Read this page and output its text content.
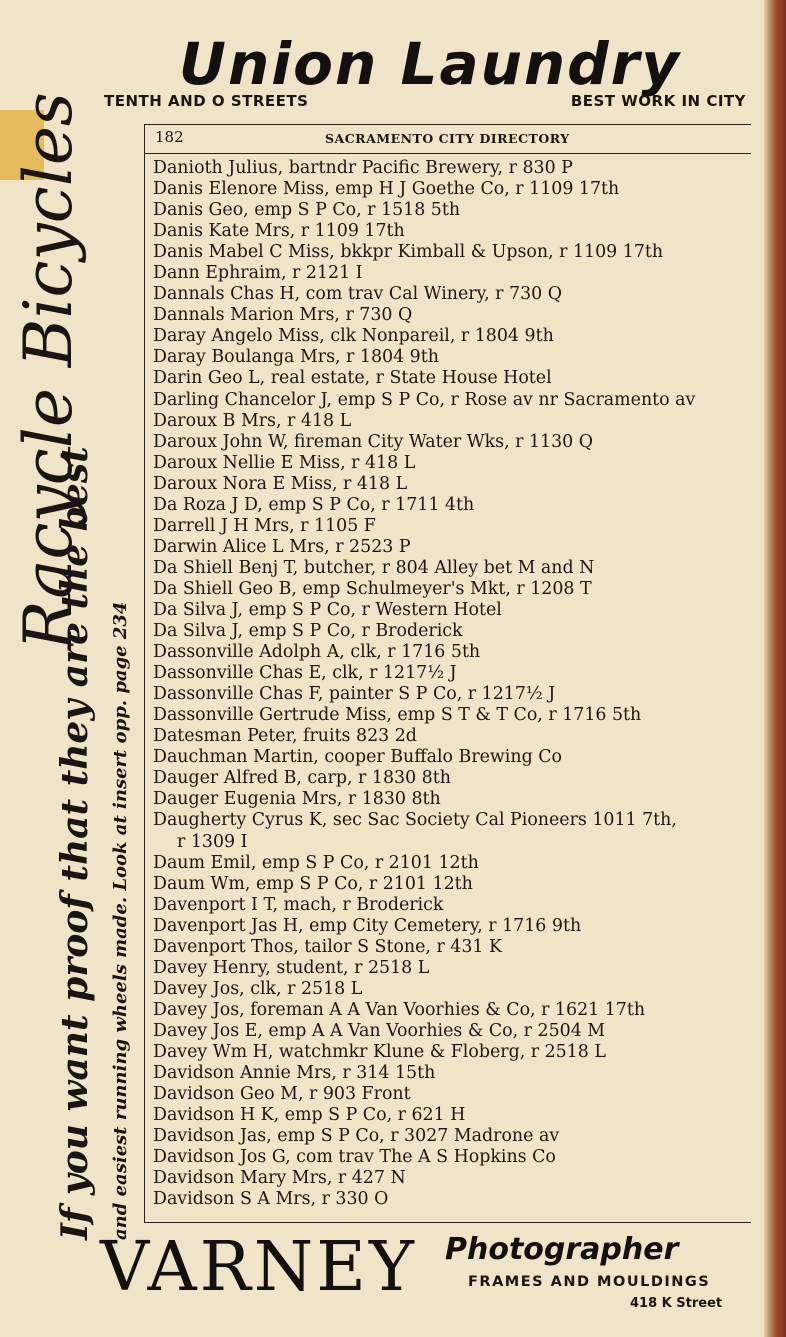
Union Laundry
TENTH AND O STREETS	BEST WORK IN CITY
If you want proof that they are the best
Racycle Bicycles
and easiest running wheels made. Look at insert opp. page 234
182	SACRAMENTO CITY DIRECTORY
Danioth Julius, bartndr Pacific Brewery, r 830 P
Danis Elenore Miss, emp H J Goethe Co, r 1109 17th
Danis Geo, emp S P Co, r 1518 5th
Danis Kate Mrs, r 1109 17th
Danis Mabel C Miss, bkkpr Kimball & Upson, r 1109 17th
Dann Ephraim, r 2121 I
Dannals Chas H, com trav Cal Winery, r 730 Q
Dannals Marion Mrs, r 730 Q
Daray Angelo Miss, clk Nonpareil, r 1804 9th
Daray Boulanga Mrs, r 1804 9th
Darin Geo L, real estate, r State House Hotel
Darling Chancelor J, emp S P Co, r Rose av nr Sacramento av
Daroux B Mrs, r 418 L
Daroux John W, fireman City Water Wks, r 1130 Q
Daroux Nellie E Miss, r 418 L
Daroux Nora E Miss, r 418 L
Da Roza J D, emp S P Co, r 1711 4th
Darrell J H Mrs, r 1105 F
Darwin Alice L Mrs, r 2523 P
Da Shiell Benj T, butcher, r 804 Alley bet M and N
Da Shiell Geo B, emp Schulmeyer's Mkt, r 1208 T
Da Silva J, emp S P Co, r Western Hotel
Da Silva J, emp S P Co, r Broderick
Dassonville Adolph A, clk, r 1716 5th
Dassonville Chas E, clk, r 1217½ J
Dassonville Chas F, painter S P Co, r 1217½ J
Dassonville Gertrude Miss, emp S T & T Co, r 1716 5th
Datesman Peter, fruits 823 2d
Dauchman Martin, cooper Buffalo Brewing Co
Dauger Alfred B, carp, r 1830 8th
Dauger Eugenia Mrs, r 1830 8th
Daugherty Cyrus K, sec Sac Society Cal Pioneers 1011 7th,
r 1309 I
Daum Emil, emp S P Co, r 2101 12th
Daum Wm, emp S P Co, r 2101 12th
Davenport I T, mach, r Broderick
Davenport Jas H, emp City Cemetery, r 1716 9th
Davenport Thos, tailor S Stone, r 431 K
Davey Henry, student, r 2518 L
Davey Jos, clk, r 2518 L
Davey Jos, foreman A A Van Voorhies & Co, r 1621 17th
Davey Jos E, emp A A Van Voorhies & Co, r 2504 M
Davey Wm H, watchmkr Klune & Floberg, r 2518 L
Davidson Annie Mrs, r 314 15th
Davidson Geo M, r 903 Front
Davidson H K, emp S P Co, r 621 H
Davidson Jas, emp S P Co, r 3027 Madrone av
Davidson Jos G, com trav The A S Hopkins Co
Davidson Mary Mrs, r 427 N
Davidson S A Mrs, r 330 O
VARNEY Photographer
FRAMES AND MOULDINGS
418 K Street
